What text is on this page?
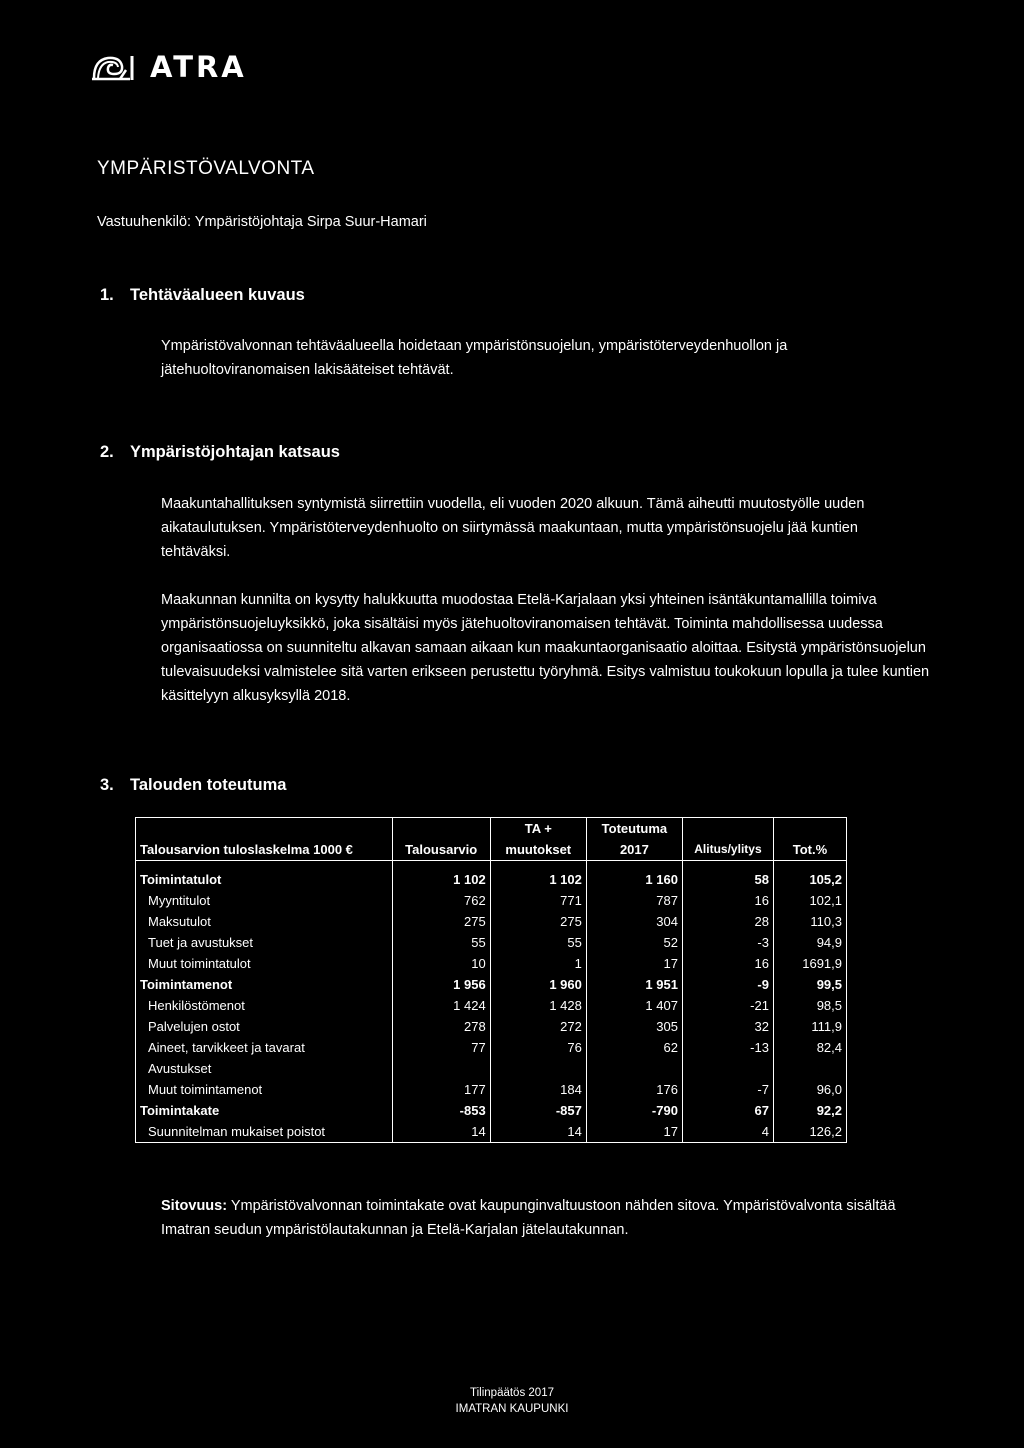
ATRA
YMPÄRISTÖVALVONTA
Vastuuhenkilö: Ympäristöjohtaja Sirpa Suur-Hamari
1. Tehtäväalueen kuvaus

Ympäristövalvonnan tehtäväalueella hoidetaan ympäristönsuojelun, ympäristöterveydenhuollon ja jätehuoltoviranomaisen lakisääteiset tehtävät.

2. Ympäristöjohtajan katsaus

Maakuntahallituksen syntymistä siirrettiin vuodella, eli vuoden 2020 alkuun. Tämä aiheutti muutostyölle uuden aikataulutuksen. Ympäristöterveydenhuolto on siirtymässä maakuntaan, mutta ympäristönsuojelu jää kuntien tehtäväksi.

Maakunnan kunnilta on kysytty halukkuutta muodostaa Etelä-Karjalaan yksi yhteinen isäntäkuntamallilla toimiva ympäristönsuojeluyksikkö, joka sisältäisi myös jätehuoltoviranomaisen tehtävät. Toiminta mahdollisessa uudessa organisaatiossa on suunniteltu alkavan samaan aikaan kun maakuntaorganisaatio aloittaa. Esitystä ympäristönsuojelun tulevaisuudeksi valmistelee sitä varten erikseen perustettu työryhmä. Esitys valmistuu toukokuun lopulla ja tulee kuntien käsittelyyn alkusyksyllä 2018.

3. Talouden toteutuma
		TA +	Toteutuma		
Talousarvion tuloslaskelma 1000 €	Talousarvio	muutokset	2017	Alitus/ylitys	Tot.%
Toimintatulot	1 102	1 102	1 160	58	105,2
Myyntitulot	762	771	787	16	102,1
Maksutulot	275	275	304	28	110,3
Tuet ja avustukset	55	55	52	-3	94,9
Muut toimintatulot	10	1	17	16	1691,9
Toimintamenot	1 956	1 960	1 951	-9	99,5
Henkilöstömenot	1 424	1 428	1 407	-21	98,5
Palvelujen ostot	278	272	305	32	111,9
Aineet, tarvikkeet ja tavarat	77	76	62	-13	82,4
Avustukset					
Muut toimintamenot	177	184	176	-7	96,0
Toimintakate	-853	-857	-790	67	92,2
Suunnitelman mukaiset poistot	14	14	17	4	126,2
Sitovuus: Ympäristövalvonnan toimintakate ovat kaupunginvaltuustoon nähden sitova. Ympäristövalvonta sisältää Imatran seudun ympäristölautakunnan ja Etelä-Karjalan jätelautakunnan.
Tilinpäätös 2017
IMATRAN KAUPUNKI
